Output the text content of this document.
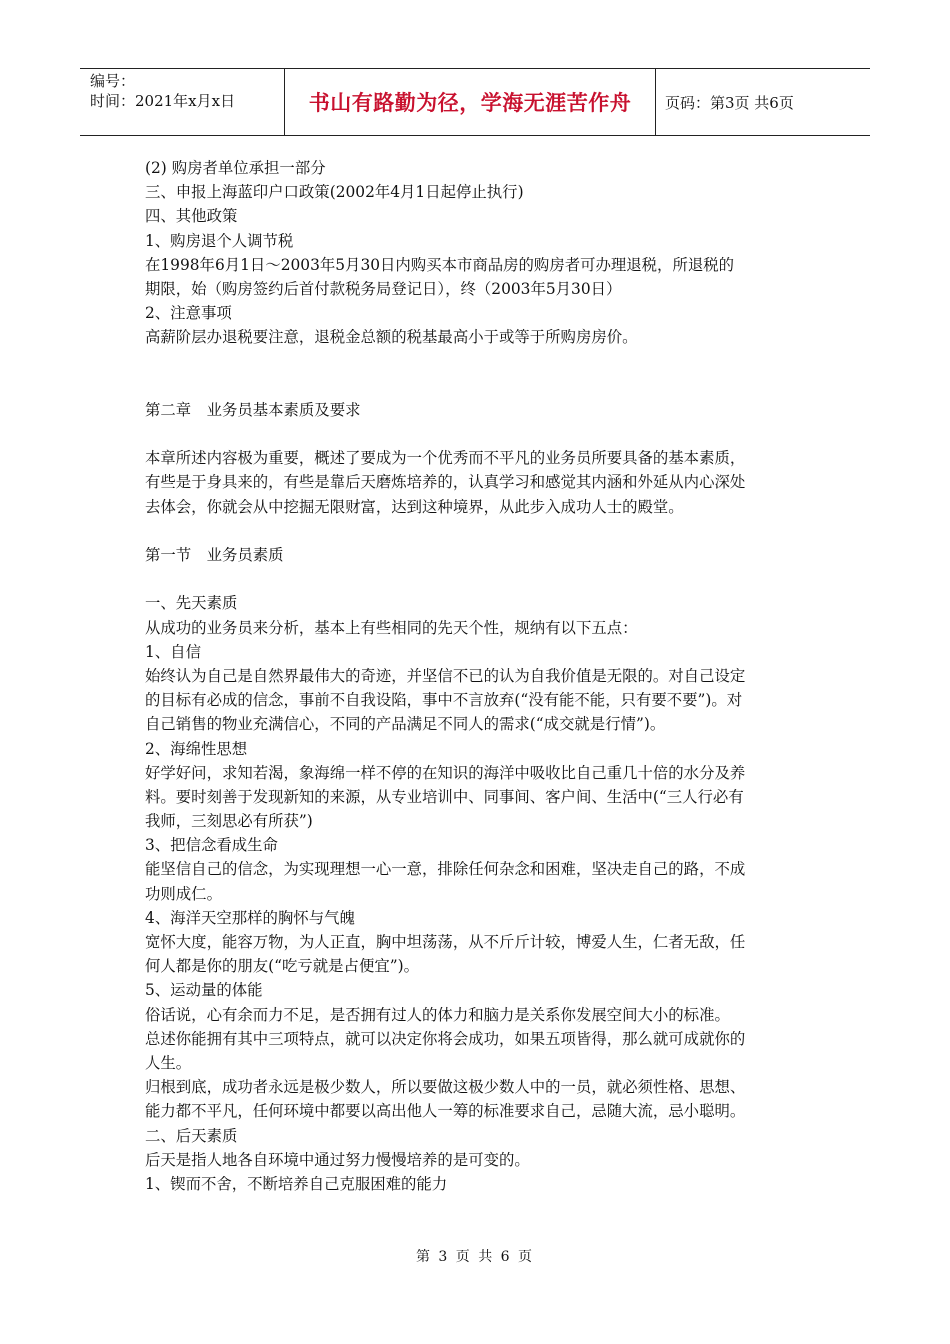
编号：
时间：2021年x月x日	书山有路勤为径，学海无涯苦作舟 页码：第3页 共6页
(2) 购房者单位承担一部分
三、申报上海蓝印户口政策(2002年4月1日起停止执行)
四、其他政策
1、购房退个人调节税
在1998年6月1日～2003年5月30日内购买本市商品房的购房者可办理退税，所退税的
期限，始（购房签约后首付款税务局登记日），终（2003年5月30日）
2、注意事项
高薪阶层办退税要注意，退税金总额的税基最高小于或等于所购房房价。
第二章　业务员基本素质及要求
本章所述内容极为重要，概述了要成为一个优秀而不平凡的业务员所要具备的基本素质，
有些是于身具来的，有些是靠后天磨炼培养的，认真学习和感觉其内涵和外延从内心深处
去体会，你就会从中挖掘无限财富，达到这种境界，从此步入成功人士的殿堂。
第一节　业务员素质
一、先天素质
从成功的业务员来分析，基本上有些相同的先天个性，规纳有以下五点：
1、自信
始终认为自己是自然界最伟大的奇迹，并坚信不已的认为自我价值是无限的。对自己设定
的目标有必成的信念，事前不自我设陷，事中不言放弃(“没有能不能，只有要不要”)。对
自己销售的物业充满信心，不同的产品满足不同人的需求(“成交就是行情”)。
2、海绵性思想
好学好问，求知若渴，象海绵一样不停的在知识的海洋中吸收比自己重几十倍的水分及养
料。要时刻善于发现新知的来源，从专业培训中、同事间、客户间、生活中(“三人行必有
我师，三刻思必有所获”)
3、把信念看成生命
能坚信自己的信念，为实现理想一心一意，排除任何杂念和困难，坚决走自己的路，不成
功则成仁。
4、海洋天空那样的胸怀与气魄
宽怀大度，能容万物，为人正直，胸中坦荡荡，从不斤斤计较，博爱人生，仁者无敌，任
何人都是你的朋友(“吃亏就是占便宜”)。
5、运动量的体能
俗话说，心有余而力不足，是否拥有过人的体力和脑力是关系你发展空间大小的标准。
总述你能拥有其中三项特点，就可以决定你将会成功，如果五项皆得，那么就可成就你的
人生。
归根到底，成功者永远是极少数人，所以要做这极少数人中的一员，就必须性格、思想、
能力都不平凡，任何环境中都要以高出他人一筹的标准要求自己，忌随大流，忌小聪明。
二、后天素质
后天是指人地各自环境中通过努力慢慢培养的是可变的。
1、锲而不舍，不断培养自己克服困难的能力
第 3 页 共 6 页
